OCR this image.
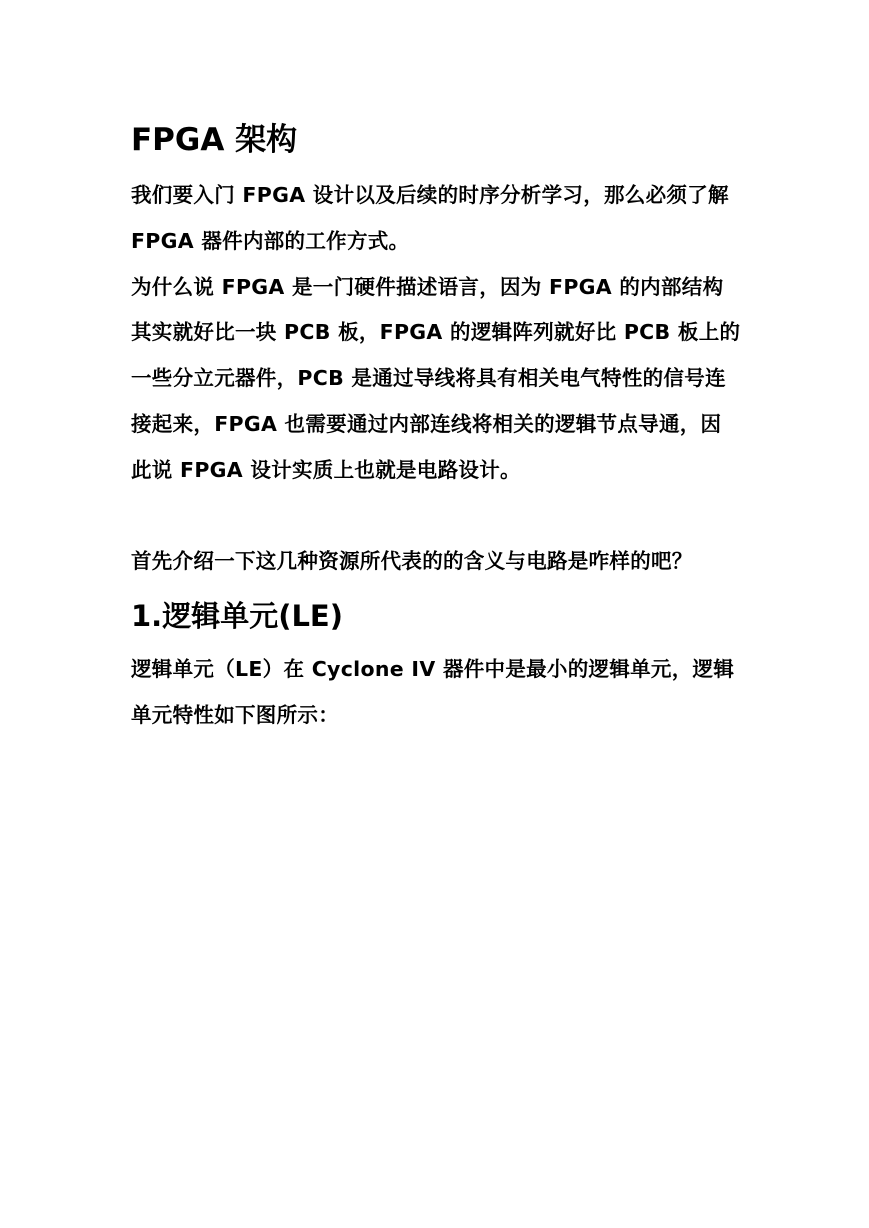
FPGA 架构

我们要入门 FPGA 设计以及后续的时序分析学习，那么必须了解 FPGA 器件内部的工作方式。

为什么说 FPGA 是一门硬件描述语言，因为 FPGA 的内部结构其实就好比一块 PCB 板，FPGA 的逻辑阵列就好比 PCB 板上的一些分立元器件，PCB 是通过导线将具有相关电气特性的信号连接起来，FPGA 也需要通过内部连线将相关的逻辑节点导通，因此说 FPGA 设计实质上也就是电路设计。

首先介绍一下这几种资源所代表的的含义与电路是咋样的吧？

1.逻辑单元(LE)

逻辑单元（LE）在 Cyclone IV 器件中是最小的逻辑单元，逻辑单元特性如下图所示：
